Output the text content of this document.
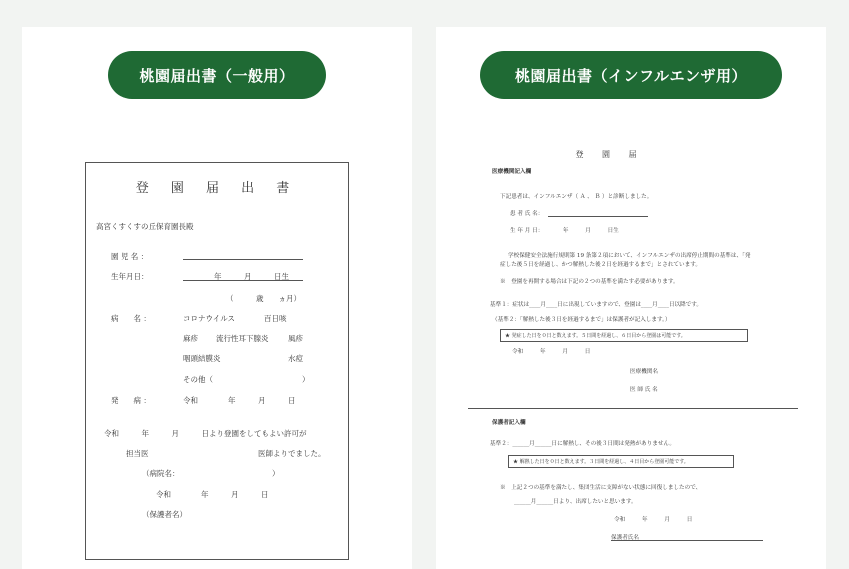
桃園届出書（一般用）
登 園 届 出 書
高宮くすくすの丘保育園長殿
園 児 名 ：
生年月日：	年　　　月　　　日生
（　　　歳　　ヵ月）
病　　名 ：	コロナウイルス	百日咳
麻疹 流行性耳下腺炎	風疹
咽頭結膜炎	水痘
その他（	）
発　　病 ：	令和　　　　年　　　月　　　日
令和　　　年　　　月　　　日より登園をしてもよい許可が
担当医	医師よりでました。
（病院名：	）
令和　　　　年　　　月　　　日
（保護者名）
桃園届出書（インフルエンザ用）
登 園 届
医療機関記入欄
下記患者は、インフルエンザ（ Ａ 、 Ｂ ）と診断しました。
患 者 氏 名：
生 年 月 日：　　　　年　　　月　　　日生
学校保健安全法施行規則第 19 条第２項において、インフルエンザの出席停止期間の基準は、「発
症した後５日を経過し、かつ解熱した後２日を経過するまで」とされています。
※　登園を再開する場合は下記の２つの基準を満たす必要があります。
基準１：症状は____月____日に出現していますので、登園は____月____日以降です。
（基準２：「解熱した後３日を経過するまで」は保護者が記入します。）
★ 発症した日を０日と数えます。５日間を経過し、６日目から登園は可能です。
令和　　　年　　　月　　　日
医療機関名
医 師 氏 名
保護者記入欄
基準２：______月______日に解熱し、その後３日間は発熱がありません。
★ 解熱した日を０日と数えます。３日間を経過し、４日目から登園可能です。
※　上記２つの基準を満たし、集団生活に支障がない状態に回復しましたので、
______月______日より、出席したいと思います。
令和　　　年　　　月　　　日
保護者氏名
